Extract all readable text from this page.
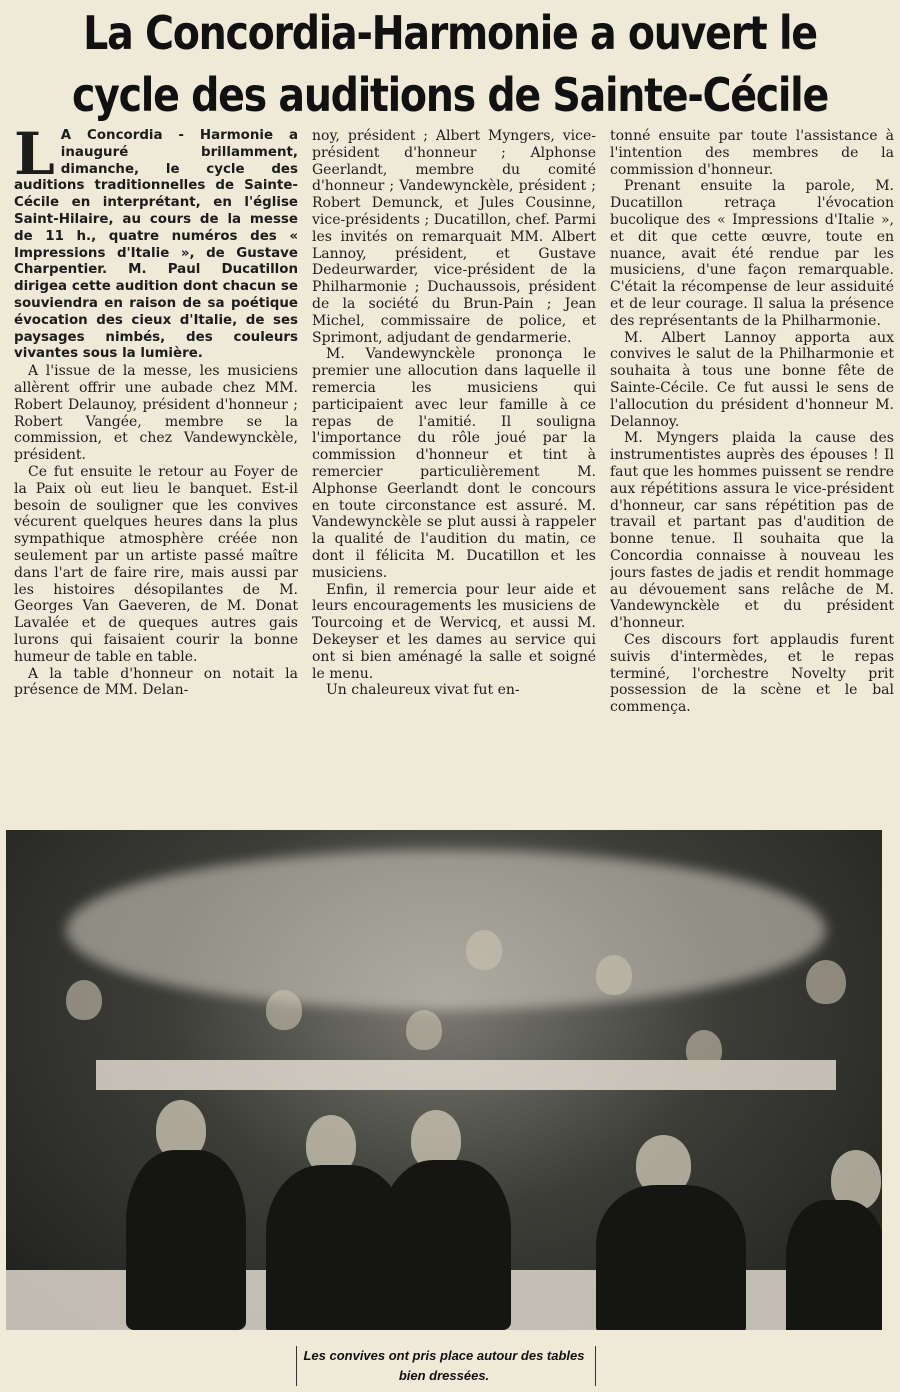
La Concordia-Harmonie a ouvert le cycle des auditions de Sainte-Cécile
L A Concordia - Harmonie a inauguré brillamment, dimanche, le cycle des auditions traditionnelles de Sainte-Cécile en interprétant, en l'église Saint-Hilaire, au cours de la messe de 11 h., quatre numéros des « Impressions d'Italie », de Gustave Charpentier. M. Paul Ducatillon dirigea cette audition dont chacun se souviendra en raison de sa poétique évocation des cieux d'Italie, de ses paysages nimbés, des couleurs vivantes sous la lumière.

A l'issue de la messe, les musiciens allèrent offrir une aubade chez MM. Robert Delaunoy, président d'honneur ; Robert Vangée, membre se la commission, et chez Vandewynckèle, président.

Ce fut ensuite le retour au Foyer de la Paix où eut lieu le banquet. Est-il besoin de souligner que les convives vécurent quelques heures dans la plus sympathique atmosphère créée non seulement par un artiste passé maître dans l'art de faire rire, mais aussi par les histoires désopilantes de M. Georges Van Gaeveren, de M. Donat Lavalée et de queques autres gais lurons qui faisaient courir la bonne humeur de table en table.

A la table d'honneur on notait la présence de MM. Delan-

noy, président ; Albert Myngers, vice-président d'honneur ; Alphonse Geerlandt, membre du comité d'honneur ; Vandewynckèle, président ; Robert Demunck, et Jules Cousinne, vice-présidents ; Ducatillon, chef. Parmi les invités on remarquait MM. Albert Lannoy, président, et Gustave Dedeurwarder, vice-président de la Philharmonie ; Duchaussois, président de la société du Brun-Pain ; Jean Michel, commissaire de police, et Sprimont, adjudant de gendarmerie.

M. Vandewynckèle prononça le premier une allocution dans laquelle il remercia les musiciens qui participaient avec leur famille à ce repas de l'amitié. Il souligna l'importance du rôle joué par la commission d'honneur et tint à remercier particulièrement M. Alphonse Geerlandt dont le concours en toute circonstance est assuré. M. Vandewynckèle se plut aussi à rappeler la qualité de l'audition du matin, ce dont il félicita M. Ducatillon et les musiciens.

Enfin, il remercia pour leur aide et leurs encouragements les musiciens de Tourcoing et de Wervicq, et aussi M. Dekeyser et les dames au service qui ont si bien aménagé la salle et soigné le menu.

Un chaleureux vivat fut en-

tonné ensuite par toute l'assistance à l'intention des membres de la commission d'honneur.

Prenant ensuite la parole, M. Ducatillon retraça l'évocation bucolique des « Impressions d'Italie », et dit que cette œuvre, toute en nuance, avait été rendue par les musiciens, d'une façon remarquable. C'était la récompense de leur assiduité et de leur courage. Il salua la présence des représentants de la Philharmonie.

M. Albert Lannoy apporta aux convives le salut de la Philharmonie et souhaita à tous une bonne fête de Sainte-Cécile. Ce fut aussi le sens de l'allocution du président d'honneur M. Delannoy.

M. Myngers plaida la cause des instrumentistes auprès des épouses ! Il faut que les hommes puissent se rendre aux répétitions assura le vice-président d'honneur, car sans répétition pas de travail et partant pas d'audition de bonne tenue. Il souhaita que la Concordia connaisse à nouveau les jours fastes de jadis et rendit hommage au dévouement sans relâche de M. Vandewynckèle et du président d'honneur.

Ces discours fort applaudis furent suivis d'intermèdes, et le repas terminé, l'orchestre Novelty prit possession de la scène et le bal commença.

Les convives ont pris place autour des tables bien dressées.
